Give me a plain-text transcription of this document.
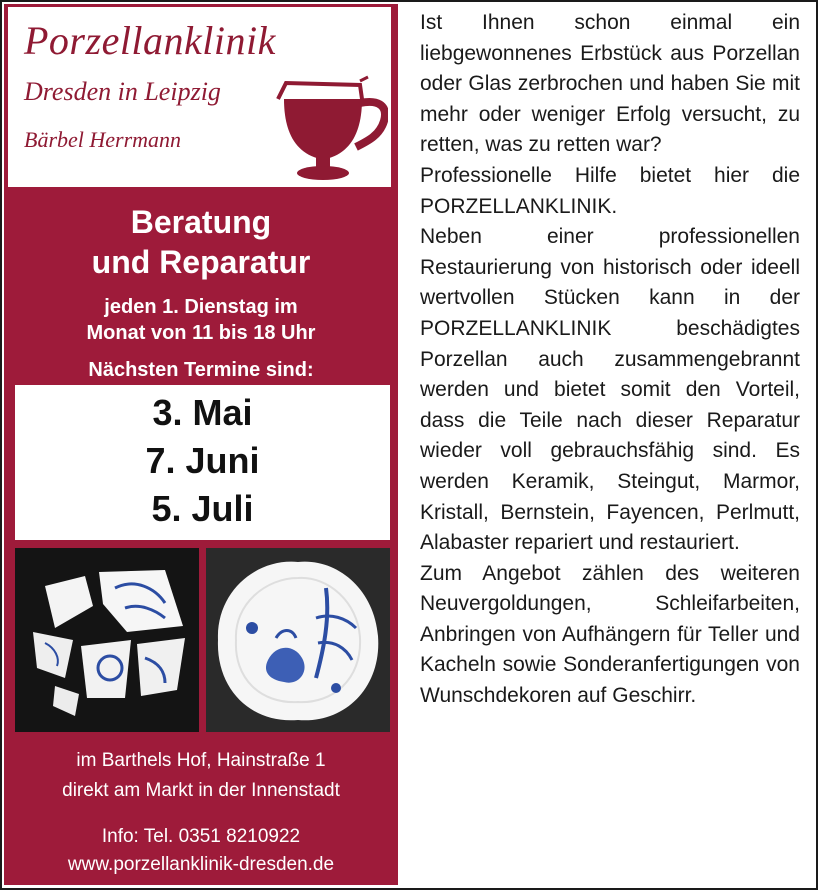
Porzellanklinik
Dresden in Leipzig
Bärbel Herrmann
Beratung
und Reparatur
jeden 1. Dienstag im
Monat von 11 bis 18 Uhr
Nächsten Termine sind:
3. Mai
7. Juni
5. Juli
im Barthels Hof, Hainstraße 1
direkt am Markt in der Innenstadt
Info: Tel. 0351 8210922
www.porzellanklinik-dresden.de

Ist Ihnen schon einmal ein liebgewonnenes Erbstück aus Porzellan oder Glas zerbrochen und haben Sie mit mehr oder weniger Erfolg versucht, zu retten, was zu retten war?

Professionelle Hilfe bietet hier die PORZELLANKLINIK.

Neben einer professionellen Restaurierung von historisch oder ideell wertvollen Stücken kann in der PORZELLANKLINIK beschädigtes Porzellan auch zusammengebrannt werden und bietet somit den Vorteil, dass die Teile nach dieser Reparatur wieder voll gebrauchsfähig sind. Es werden Keramik, Steingut, Marmor, Kristall, Bernstein, Fayencen, Perlmutt, Alabaster repariert und restauriert.

Zum Angebot zählen des weiteren Neuvergoldungen, Schleifarbeiten, Anbringen von Aufhängern für Teller und Kacheln sowie Sonderanfertigungen von Wunschdekoren auf Geschirr.
